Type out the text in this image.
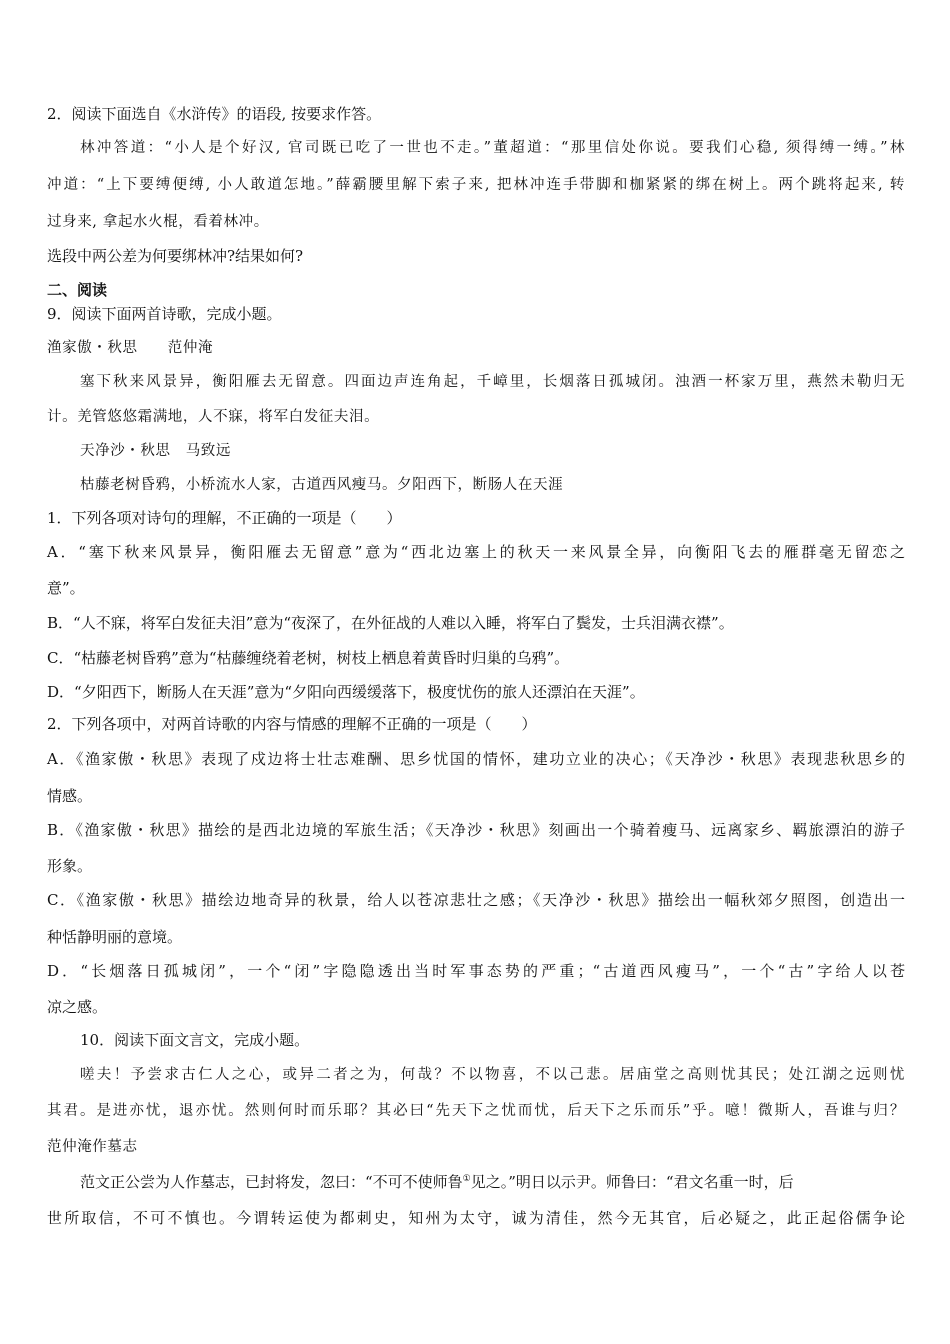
2．阅读下面选自《水浒传》的语段, 按要求作答。
林冲答道：“小人是个好汉, 官司既已吃了一世也不走。”董超道：“那里信处你说。要我们心稳, 须得缚一缚。”林
冲道：“上下要缚便缚, 小人敢道怎地。”薛霸腰里解下索子来, 把林冲连手带脚和枷紧紧的绑在树上。两个跳将起来, 转
过身来, 拿起水火棍，看着林冲。
选段中两公差为何要绑林冲?结果如何?
二、阅读
9．阅读下面两首诗歌，完成小题。
渔家傲・秋思　　范仲淹
塞下秋来风景异，衡阳雁去无留意。四面边声连角起，千嶂里，长烟落日孤城闭。浊酒一杯家万里，燕然未勒归无
计。羌管悠悠霜满地，人不寐，将军白发征夫泪。
天净沙・秋思　马致远
枯藤老树昏鸦，小桥流水人家，古道西风瘦马。夕阳西下，断肠人在天涯
1．下列各项对诗句的理解，不正确的一项是（　　）
A．“塞下秋来风景异，衡阳雁去无留意”意为“西北边塞上的秋天一来风景全异，向衡阳飞去的雁群毫无留恋之
意”。
B．“人不寐，将军白发征夫泪”意为“夜深了，在外征战的人难以入睡，将军白了鬓发，士兵泪满衣襟”。
C．“枯藤老树昏鸦”意为“枯藤缠绕着老树，树枝上栖息着黄昏时归巢的乌鸦”。
D．“夕阳西下，断肠人在天涯”意为“夕阳向西缓缓落下，极度忧伤的旅人还漂泊在天涯”。
2．下列各项中，对两首诗歌的内容与情感的理解不正确的一项是（　　）
A．《渔家傲・秋思》表现了戍边将士壮志难酬、思乡忧国的情怀，建功立业的决心；《天净沙・秋思》表现悲秋思乡的
情感。
B．《渔家傲・秋思》描绘的是西北边境的军旅生活；《天净沙・秋思》刻画出一个骑着瘦马、远离家乡、羁旅漂泊的游子
形象。
C．《渔家傲・秋思》描绘边地奇异的秋景，给人以苍凉悲壮之感；《天净沙・秋思》描绘出一幅秋郊夕照图，创造出一
种恬静明丽的意境。
D．“长烟落日孤城闭”，一个“闭”字隐隐透出当时军事态势的严重；“古道西风瘦马”，一个“古”字给人以苍
凉之感。
10．阅读下面文言文，完成小题。
嗟夫！予尝求古仁人之心，或异二者之为，何哉？不以物喜，不以己悲。居庙堂之高则忧其民；处江湖之远则忧
其君。是进亦忧，退亦忧。然则何时而乐耶？其必曰“先天下之忧而忧，后天下之乐而乐”乎。噫！微斯人，吾谁与归？
范仲淹作墓志
范文正公尝为人作墓志，已封将发，忽曰：“不可不使师鲁①见之。”明日以示尹。师鲁曰：“君文名重一时，后
世所取信，不可不慎也。今谓转运使为都刺史，知州为太守，诚为清佳，然今无其官，后必疑之，此正起俗儒争论
